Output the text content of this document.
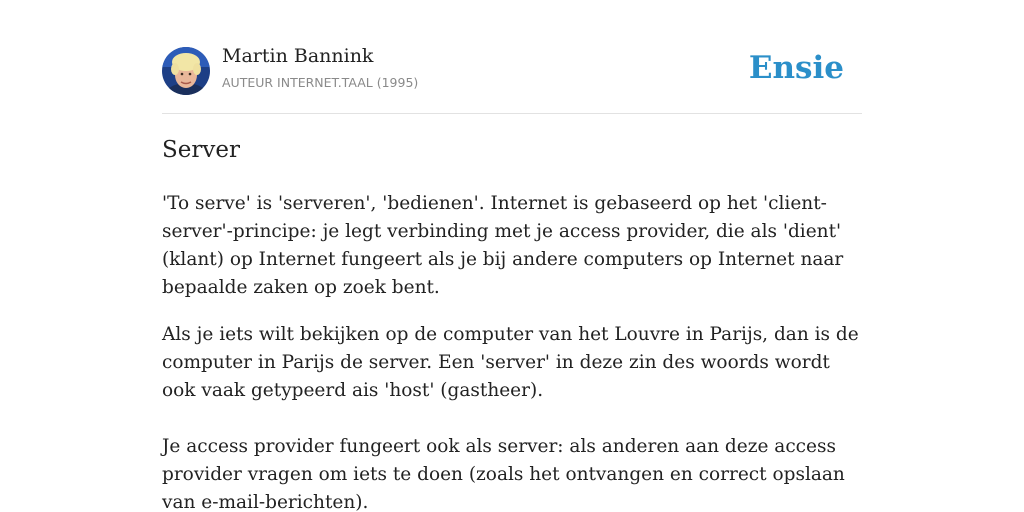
Martin Bannink
AUTEUR INTERNET.TAAL (1995)	Ensie
Server

'To serve' is 'serveren', 'bedienen'. Internet is gebaseerd op het 'client-server'-principe: je legt verbinding met je access provider, die als 'dient' (klant) op Internet fungeert als je bij andere computers op Internet naar bepaalde zaken op zoek bent.

Als je iets wilt bekijken op de computer van het Louvre in Parijs, dan is de computer in Parijs de server. Een 'server' in deze zin des woords wordt ook vaak getypeerd ais 'host' (gastheer).

Je access provider fungeert ook als server: als anderen aan deze access provider vragen om iets te doen (zoals het ontvangen en correct opslaan van e-mail-berichten).
